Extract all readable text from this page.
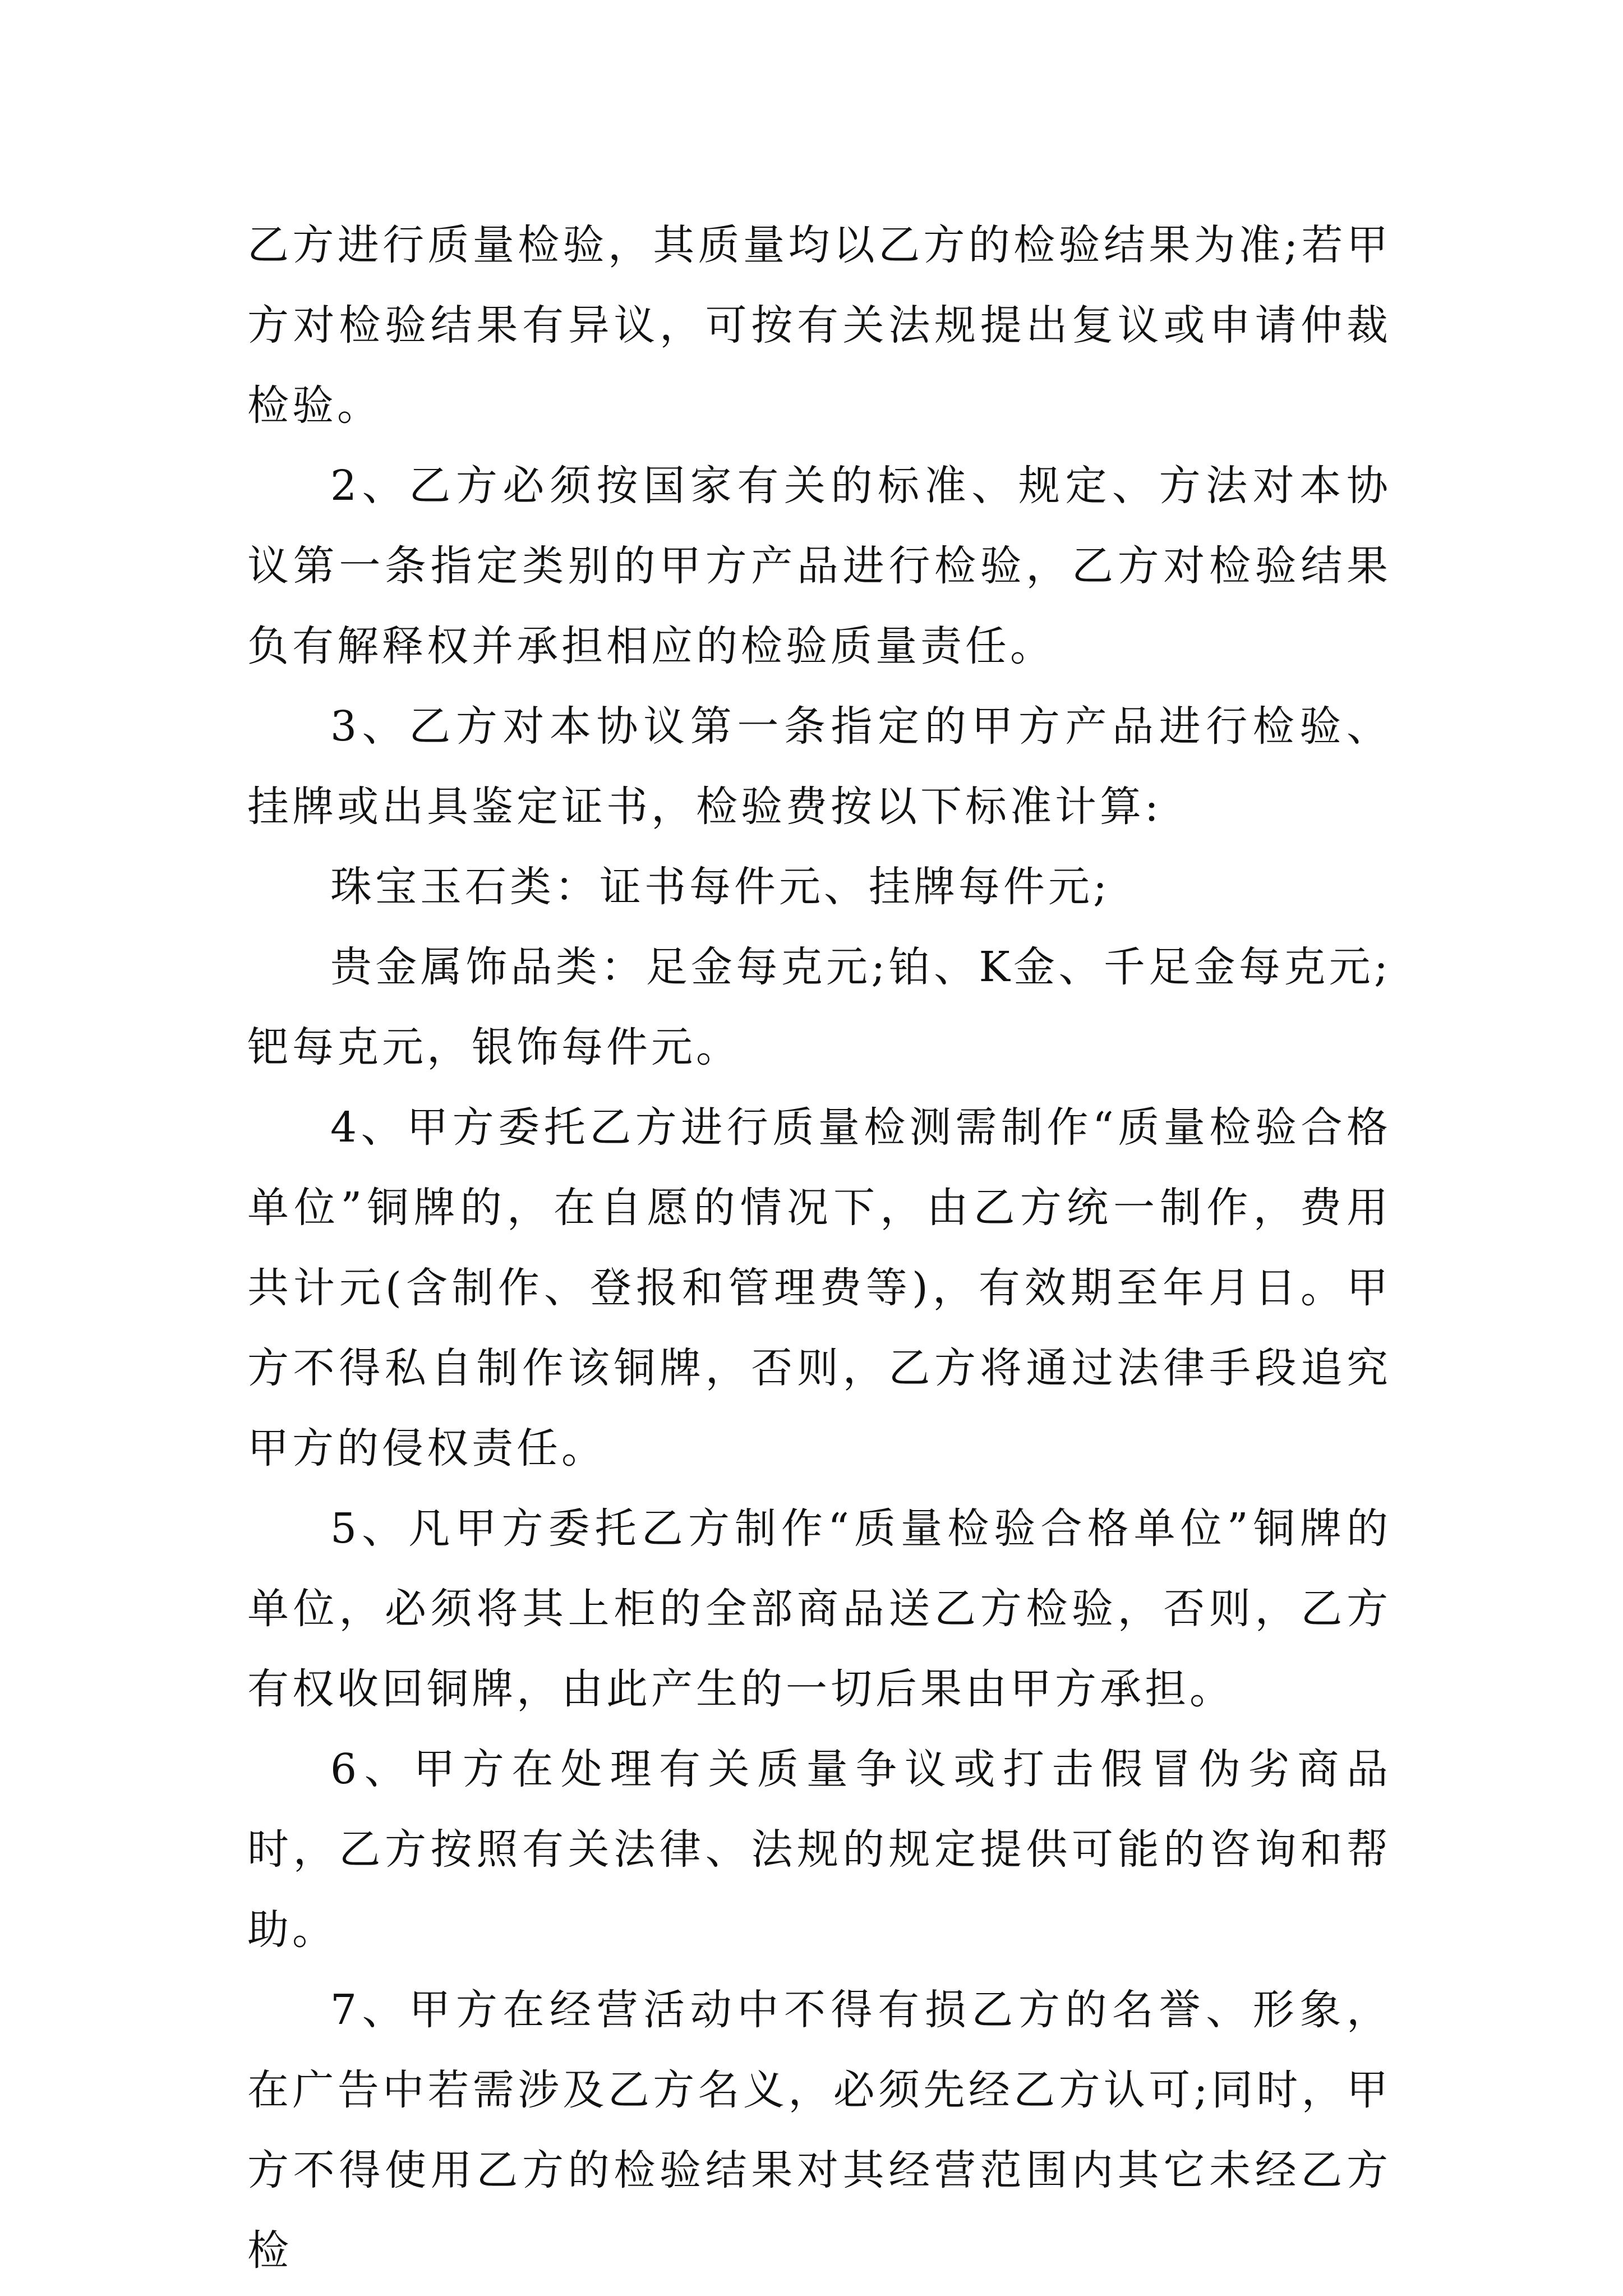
乙方进行质量检验，其质量均以乙方的检验结果为准;若甲方对检验结果有异议，可按有关法规提出复议或申请仲裁检验。

2、乙方必须按国家有关的标准、规定、方法对本协议第一条指定类别的甲方产品进行检验，乙方对检验结果负有解释权并承担相应的检验质量责任。

3、乙方对本协议第一条指定的甲方产品进行检验、挂牌或出具鉴定证书，检验费按以下标准计算:

珠宝玉石类：证书每件元、挂牌每件元;

贵金属饰品类：足金每克元;铂、K金、千足金每克元;钯每克元，银饰每件元。

4、甲方委托乙方进行质量检测需制作“质量检验合格单位”铜牌的，在自愿的情况下，由乙方统一制作，费用共计元(含制作、登报和管理费等)，有效期至年月日。甲方不得私自制作该铜牌，否则，乙方将通过法律手段追究甲方的侵权责任。

5、凡甲方委托乙方制作“质量检验合格单位”铜牌的单位，必须将其上柜的全部商品送乙方检验，否则，乙方有权收回铜牌，由此产生的一切后果由甲方承担。

6、甲方在处理有关质量争议或打击假冒伪劣商品时，乙方按照有关法律、法规的规定提供可能的咨询和帮助。

7、甲方在经营活动中不得有损乙方的名誉、形象，在广告中若需涉及乙方名义，必须先经乙方认可;同时，甲方不得使用乙方的检验结果对其经营范围内其它未经乙方检
